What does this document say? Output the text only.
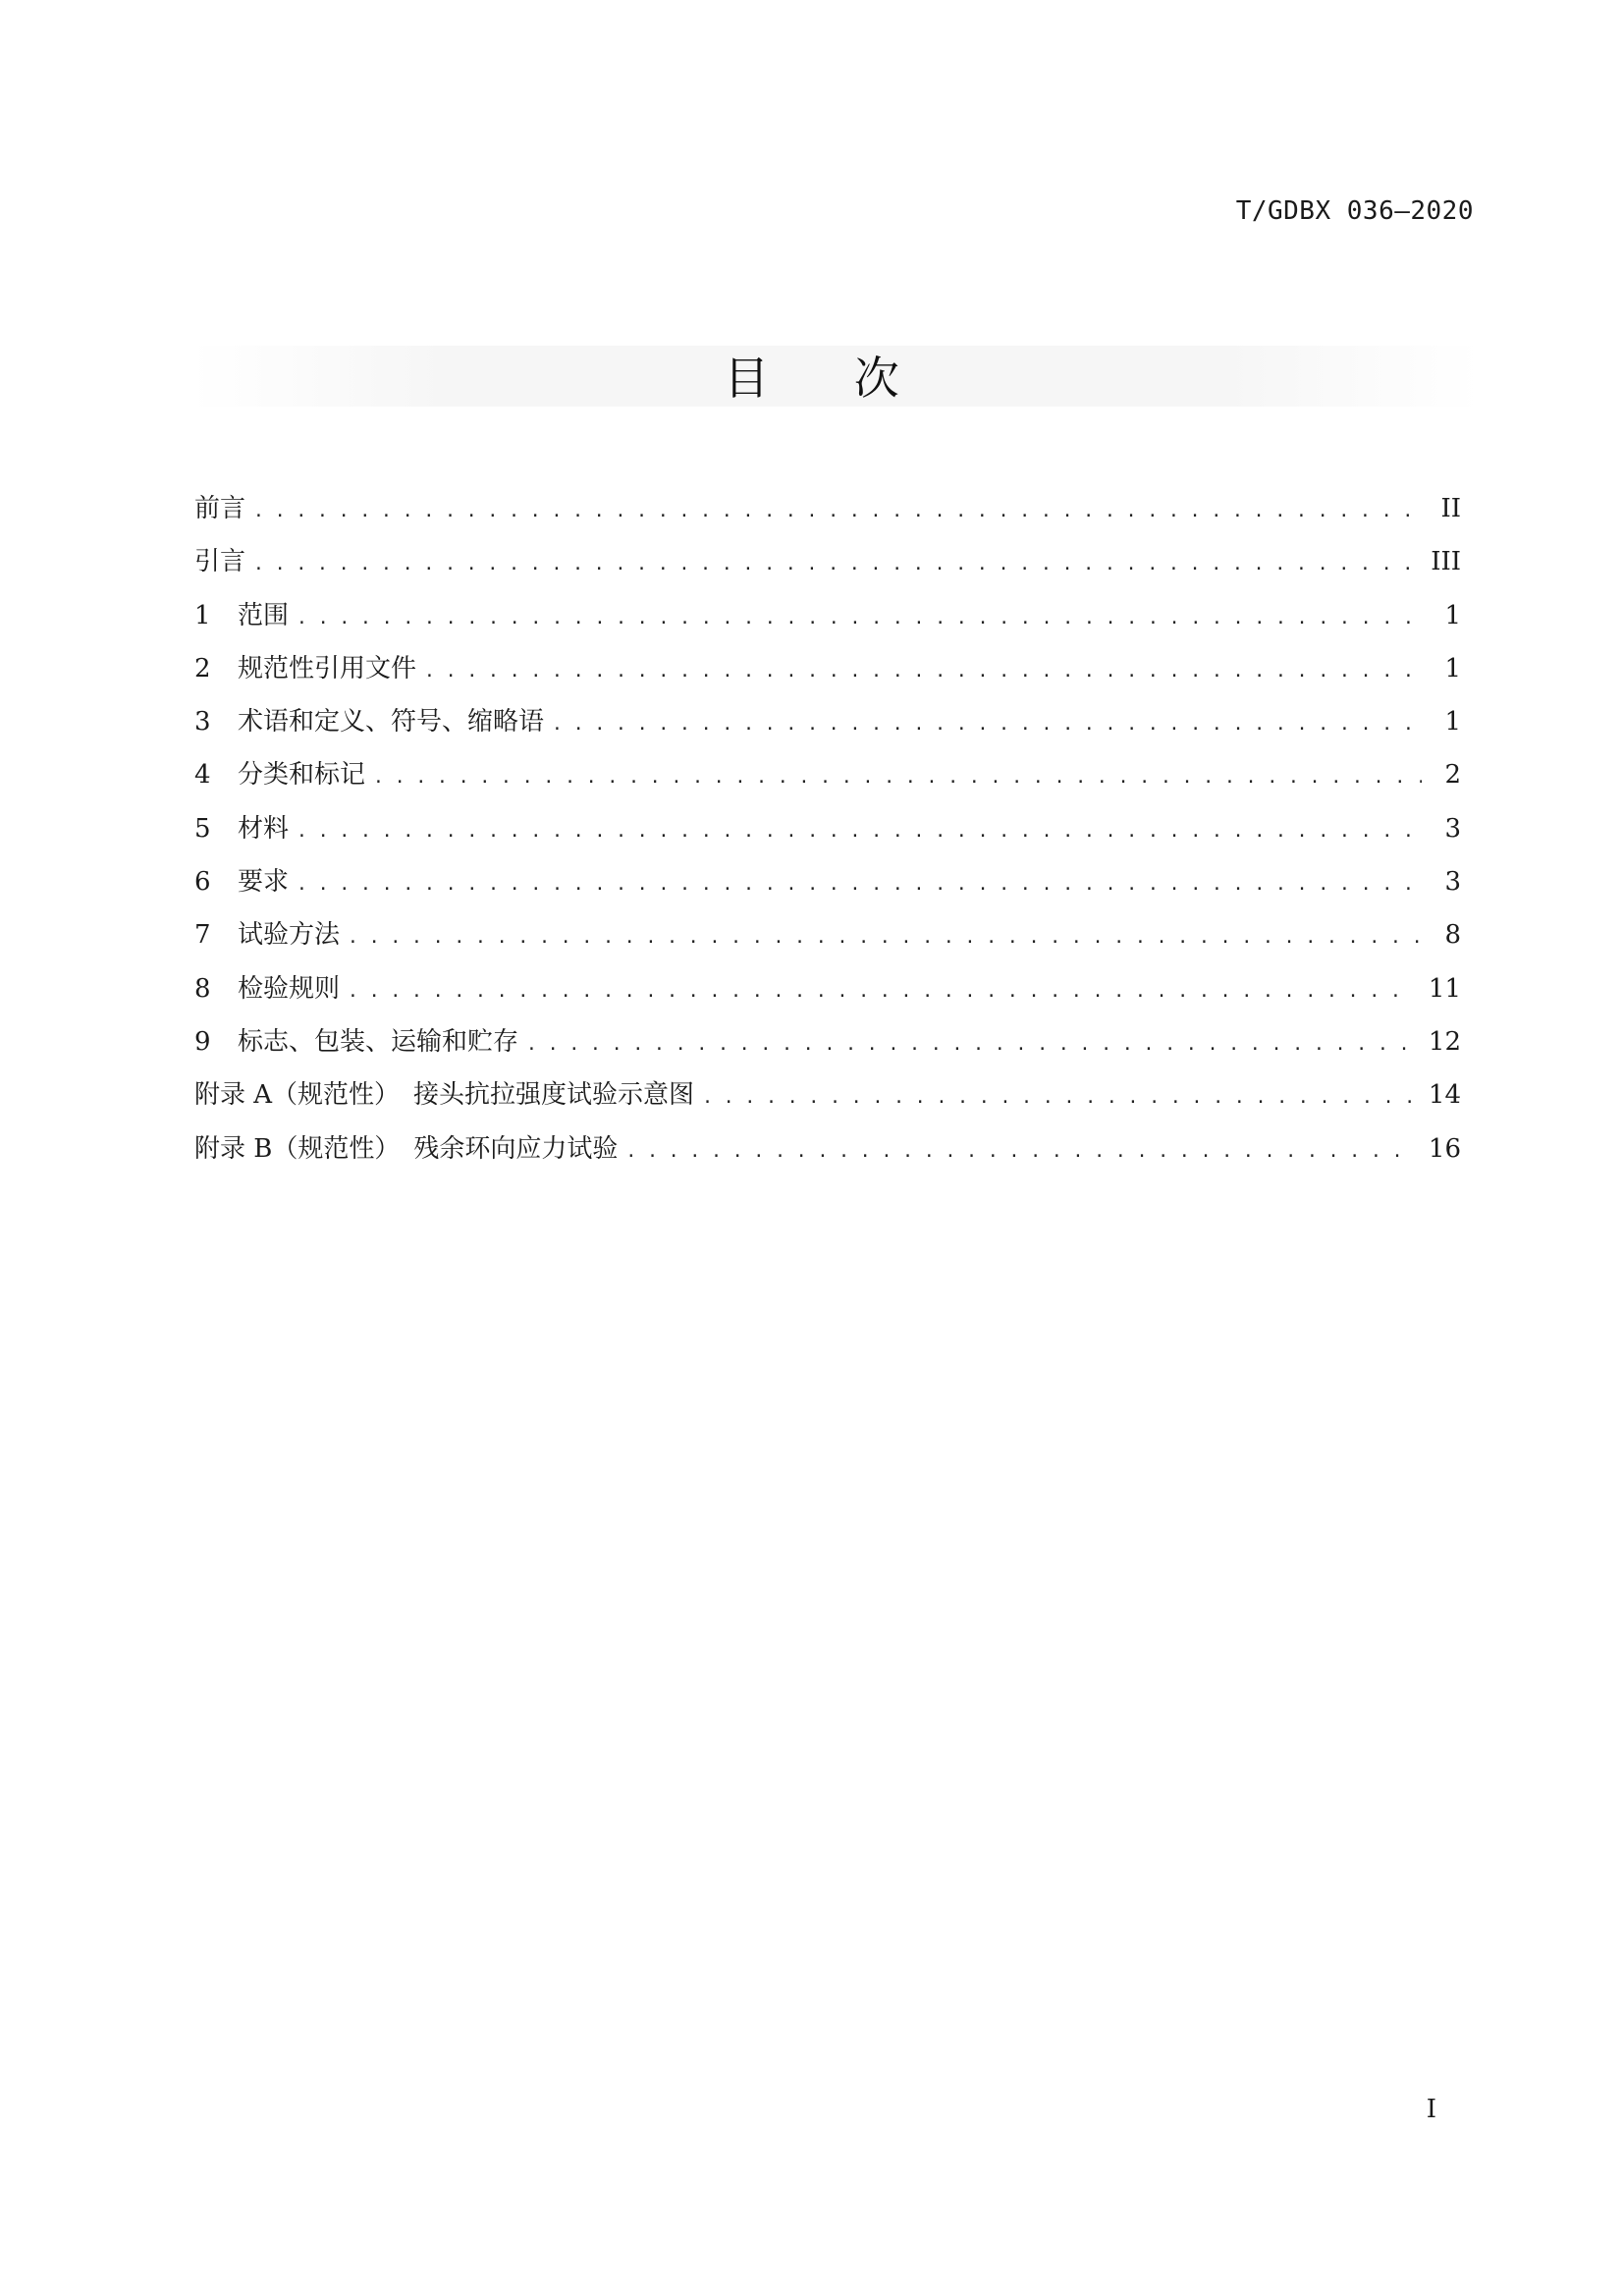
T/GDBX 036—2020
目 次
前言 . . .	II
引言 . . .	III
1	范围 . . .	1
2	规范性引用文件 . . .	1
3	术语和定义、符号、缩略语 . . .	1
4	分类和标记 . . .	2
5	材料 . . .	3
6	要求 . . .	3
7	试验方法 . . .	8
8	检验规则 . . .	11
9	标志、包装、运输和贮存 . . .	12
附录 A（规范性） 接头抗拉强度试验示意图 . . .	14
附录 B（规范性） 残余环向应力试验 . . .	16
I
